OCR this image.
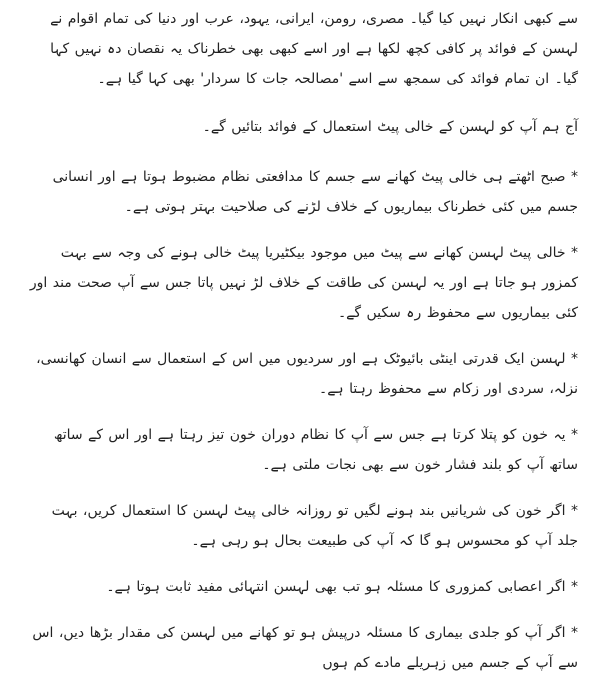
سے کبھی انکار نہیں کیا گیا۔ مصری، رومن، ایرانی، یہود، عرب اور دنیا کی تمام اقوام نے لہسن کے فوائد پر کافی کچھ لکھا ہے اور اسے کبھی بھی خطرناک یہ نقصان دہ نہیں کہا گیا۔ ان تمام فوائد کی سمجھ سے اسے 'مصالحہ جات کا سردار' بھی کہا گیا ہے۔

آج ہم آپ کو لہسن کے خالی پیٹ استعمال کے فوائد بتائیں گے۔

* صبح اٹھتے ہی خالی پیٹ کھانے سے جسم کا مدافعتی نظام مضبوط ہوتا ہے اور انسانی جسم میں کئی خطرناک بیماریوں کے خلاف لڑنے کی صلاحیت بہتر ہوتی ہے۔

* خالی پیٹ لہسن کھانے سے پیٹ میں موجود بیکٹیریا پیٹ خالی ہونے کی وجہ سے بہت کمزور ہو جاتا ہے اور یہ لہسن کی طاقت کے خلاف لڑ نہیں پاتا جس سے آپ صحت مند اور کئی بیماریوں سے محفوظ رہ سکیں گے۔

* لہسن ایک قدرتی اینٹی بائیوٹک ہے اور سردیوں میں اس کے استعمال سے انسان کھانسی، نزلہ، سردی اور زکام سے محفوظ رہتا ہے۔

* یہ خون کو پتلا کرتا ہے جس سے آپ کا نظام دوران خون تیز رہتا ہے اور اس کے ساتھ ساتھ آپ کو بلند فشار خون سے بھی نجات ملتی ہے۔

* اگر خون کی شریانیں بند ہونے لگیں تو روزانہ خالی پیٹ لہسن کا استعمال کریں، بہت جلد آپ کو محسوس ہو گا کہ آپ کی طبیعت بحال ہو رہی ہے۔

* اگر اعصابی کمزوری کا مسئلہ ہو تب بھی لہسن انتہائی مفید ثابت ہوتا ہے۔

* اگر آپ کو جلدی بیماری کا مسئلہ درپیش ہو تو کھانے میں لہسن کی مقدار بڑھا دیں، اس سے آپ کے جسم میں زہریلے مادے کم ہوں
